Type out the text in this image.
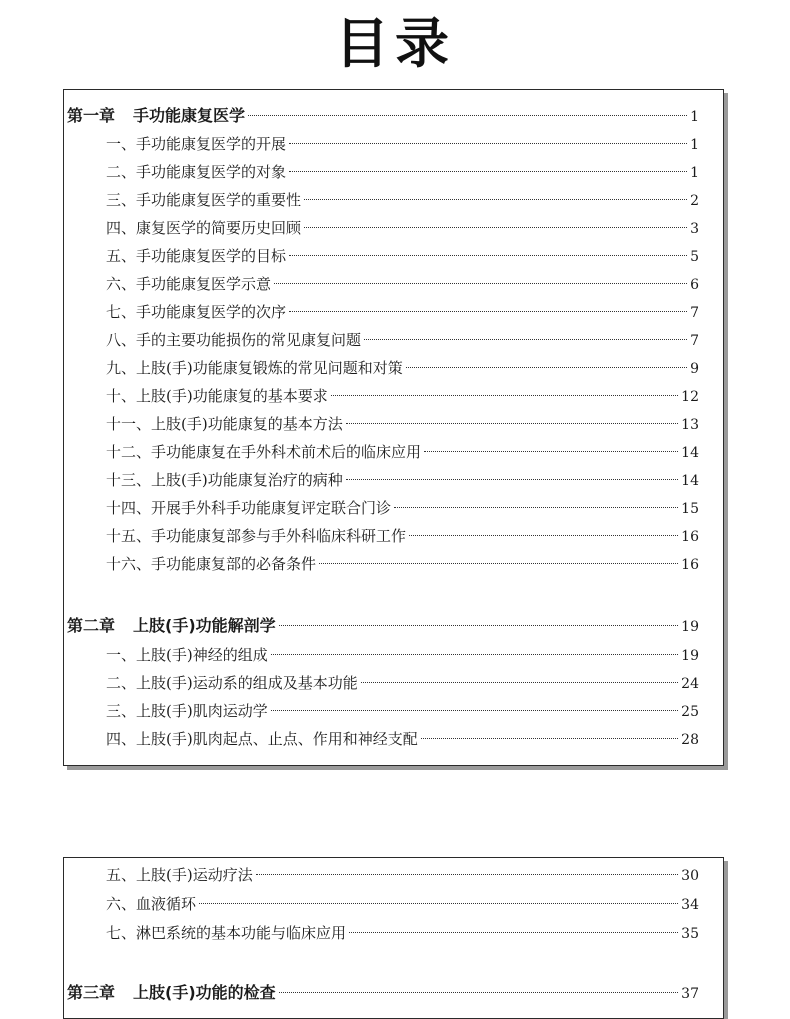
目录
第一章 手功能康复医学	1
一、手功能康复医学的开展	1
二、手功能康复医学的对象	1
三、手功能康复医学的重要性	2
四、康复医学的简要历史回顾	3
五、手功能康复医学的目标	5
六、手功能康复医学示意	6
七、手功能康复医学的次序	7
八、手的主要功能损伤的常见康复问题	7
九、上肢(手)功能康复锻炼的常见问题和对策	9
十、上肢(手)功能康复的基本要求	12
十一、上肢(手)功能康复的基本方法	13
十二、手功能康复在手外科术前术后的临床应用	14
十三、上肢(手)功能康复治疗的病种	14
十四、开展手外科手功能康复评定联合门诊	15
十五、手功能康复部参与手外科临床科研工作	16
十六、手功能康复部的必备条件	16
第二章 上肢(手)功能解剖学	19
一、上肢(手)神经的组成	19
二、上肢(手)运动系的组成及基本功能	24
三、上肢(手)肌肉运动学	25
四、上肢(手)肌肉起点、止点、作用和神经支配	28
五、上肢(手)运动疗法	30
六、血液循环	34
七、淋巴系统的基本功能与临床应用	35
第三章 上肢(手)功能的检查	37
